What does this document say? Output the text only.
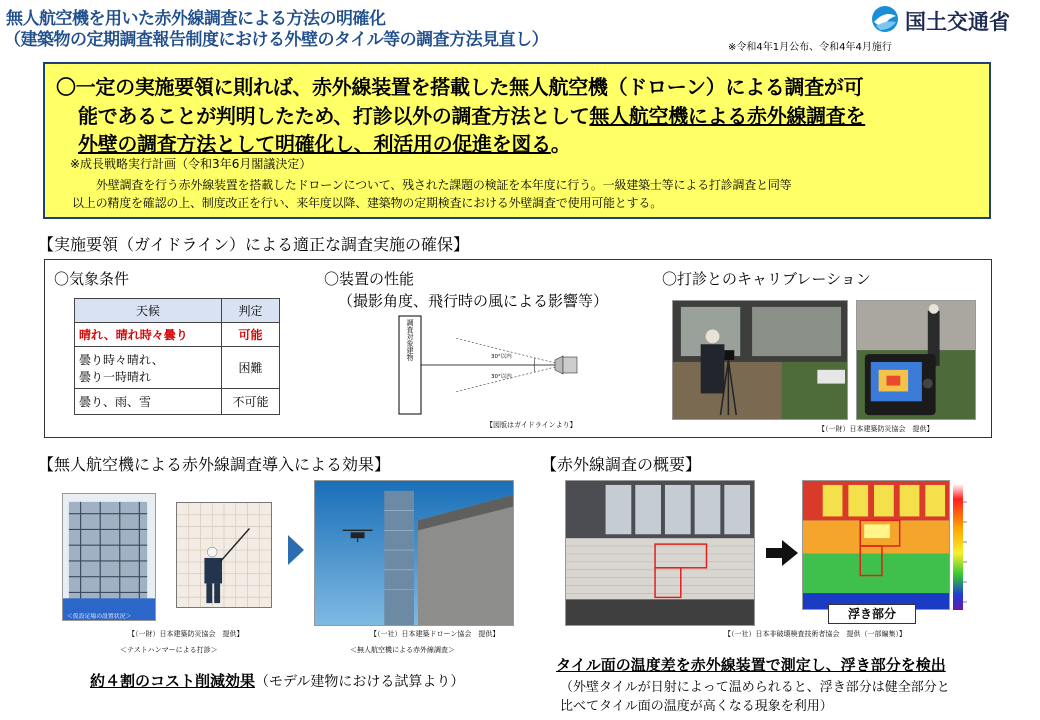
無人航空機を用いた赤外線調査による方法の明確化
（建築物の定期調査報告制度における外壁のタイル等の調査方法見直し）
国土交通省
※令和4年1月公布、令和4年4月施行
〇一定の実施要領に則れば、赤外線装置を搭載した無人航空機（ドローン）による調査が可
能であることが判明したため、打診以外の調査方法として無人航空機による赤外線調査を
外壁の調査方法として明確化し、利活用の促進を図る。
※成長戦略実行計画（令和3年6月閣議決定）
外壁調査を行う赤外線装置を搭載したドローンについて、残された課題の検証を本年度に行う。一級建築士等による打診調査と同等
以上の精度を確認の上、制度改正を行い、来年度以降、建築物の定期検査における外壁調査で使用可能とする。
【実施要領（ガイドライン）による適正な調査実施の確保】
〇気象条件	〇装置の性能
（撮影角度、飛行時の風による影響等）
〇打診とのキャリブレーション
天候	判定
晴れ、晴れ時々曇り	可能

曇り時々晴れ、
曇り一時晴れ	困難
曇り、雨、雪	不可能
調査対象建物	30°以内
30°以内
【図版はガイドラインより】	【（一財）日本建築防災協会　提供】
【無人航空機による赤外線調査導入による効果】
＜仮設足場の設置状況＞
【（一財）日本建築防災協会　提供】	【（一社）日本建築ドローン協会　提供】
＜テストハンマーによる打診＞	＜無人航空機による赤外線調査＞
約４割のコスト削減効果（モデル建物における試算より）
【赤外線調査の概要】
浮き部分
【（一社）日本非破壊検査技術者協会　提供（一部編集）】
タイル面の温度差を赤外線装置で測定し、浮き部分を検出
（外壁タイルが日射によって温められると、浮き部分は健全部分と
比べてタイル面の温度が高くなる現象を利用）
